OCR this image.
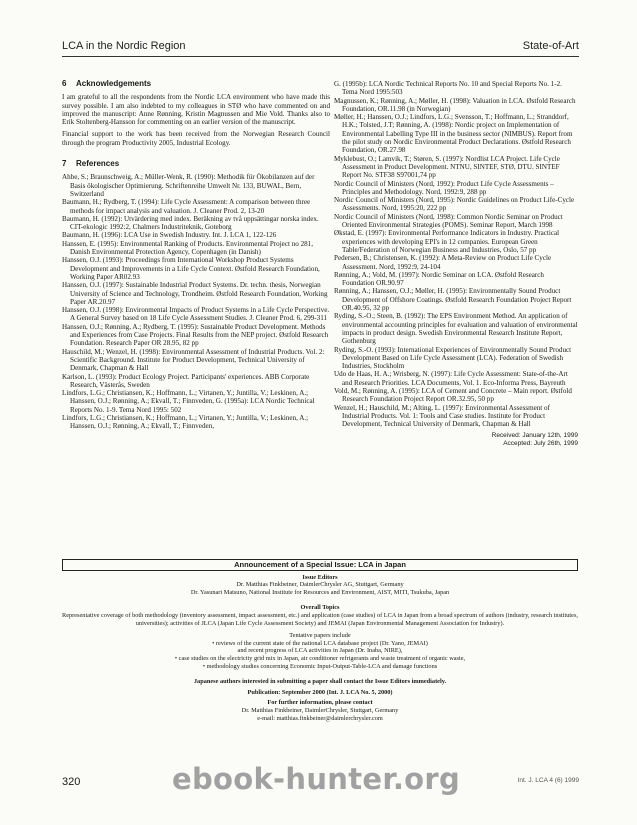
LCA in the Nordic Region	State-of-Art
6 Acknowledgements

I am grateful to all the respondents from the Nordic LCA environment who have made this survey possible. I am also indebted to my colleagues in STØ who have commented on and improved the manuscript: Anne Rønning, Kristin Magnussen and Mie Vold. Thanks also to Erik Stoltenberg-Hansson for commenting on an earlier version of the manuscript.

Financial support to the work has been received from the Norwegian Research Council through the program Productivity 2005, Industrial Ecology.

7 References
Ahbe, S.; Braunschweig, A.; Müller-Wenk, R. (1990): Methodik für Ökobilanzen auf der Basis ökologischer Optimierung. Schriftenreihe Umwelt Nr. 133, BUWAL, Bern, Switzerland
Baumann, H.; Rydberg, T. (1994): Life Cycle Assessment: A comparison between three methods for impact analysis and valuation. J. Cleaner Prod. 2, 13-20
Baumann, H. (1992): Utvärdering med index. Beräkning av två uppsättingar norska index. CIT-ekologic 1992:2, Chalmers Industriteknik, Goteborg
Baumann, H. (1996): LCA Use in Swedish Industry. Int. J. LCA 1, 122-126
Hanssen, E. (1995): Environmental Ranking of Products. Environmental Project no 281, Danish Environmental Protection Agency, Copenhagen (in Danish)
Hanssen, O.J. (1993): Proceedings from International Workshop Product Systems Development and Improvements in a Life Cycle Context. Østfold Research Foundation, Working Paper AR02.93
Hanssen, O.J. (1997): Sustainable Industrial Product Systems. Dr. techn. thesis, Norwegian University of Science and Technology, Trondheim. Østfold Research Foundation, Working Paper AR.20.97
Hanssen, O.J. (1998): Environmental Impacts of Product Systems in a Life Cycle Perspective. A General Survey based on 18 Life Cycle Assessment Studies. J. Cleaner Prod. 6, 299-311
Hanssen, O.J.; Rønning, A.; Rydberg, T. (1995): Sustainable Product Development. Methods and Experiences from Case Projects. Final Results from the NEP project. Østfold Research Foundation. Research Paper OR 28.95, 82 pp
Hauschild, M.; Wenzel, H. (1998): Environmental Assessment of Industrial Products. Vol. 2: Scientific Background. Institute for Product Development, Technical University of Denmark, Chapman & Hall
Karlson, L. (1993): Product Ecology Project. Participants' experiences. ABB Corporate Research, Västerås, Sweden
Lindfors, L.G.; Christiansen, K.; Hoffmann, L.; Virtanen, Y.; Juntilla, V.; Leskinen, A.; Hanssen, O.J.; Rønning, A.; Ekvall, T.; Finnveden, G. (1995a): LCA Nordic Technical Reports No. 1-9. Tema Nord 1995: 502
Lindfors, L.G.; Christiansen, K.; Hoffmann, L.; Virtanen, Y.; Juntilla, V.; Leskinen, A.; Hanssen, O.J.; Rønning, A.; Ekvall, T.; Finnveden,
G. (1995b): LCA Nordic Technical Reports No. 10 and Special Reports No. 1-2. Tema Nord 1995:503
Magnussen, K.; Rønning, A.; Møller, H. (1998): Valuation in LCA. Østfold Research Foundation, OR.11.98 (in Norwegian)
Møller, H.; Hanssen, O.J.; Lindfors, L.G.; Svensson, T.; Hoffmann, L.; Stranddorf, H.K.; Tolsted, J.T; Rønning, A. (1998): Nordic project on Implementation of Environmental Labelling Type III in the business sector (NIMBUS). Report from the pilot study on Nordic Environmental Product Declarations. Østfold Research Foundation, OR.27.98
Myklebust, O.; Lamvik, T.; Støren, S. (1997): Nordlist LCA Project. Life Cycle Assessment in Product Development. NTNU, SINTEF, STØ, DTU. SINTEF Report No. STF38 S97001,74 pp
Nordic Council of Ministers (Nord, 1992): Product Life Cycle Assessments – Principles and Methodology. Nord, 1992:9, 288 pp
Nordic Council of Ministers (Nord, 1995): Nordic Guidelines on Product Life-Cycle Assessments. Nord, 1995:20, 222 pp
Nordic Council of Ministers (Nord, 1998): Common Nordic Seminar on Product Oriented Environmental Strategies (POMS). Seminar Report, March 1998
Økstad, E. (1997): Environmental Performance Indicators in Industry. Practical experiences with developing EPI's in 12 companies. European Green Table/Federation of Norwegian Business and Industries, Oslo, 57 pp
Pedersen, B.; Christensen, K. (1992): A Meta-Review on Product Life Cycle Assessment. Nord, 1992:9, 24-104
Rønning, A.; Vold, M. (1997): Nordic Seminar on LCA. Østfold Research Foundation OR.90.97
Rønning, A.; Hanssen, O.J.; Møller, H. (1995): Environmentally Sound Product Development of Offshore Coatings. Østfold Research Foundation Project Report OR.40.95, 32 pp
Ryding, S.-O.; Steen, B. (1992): The EPS Environment Method. An application of environmental accounting principles for evaluation and valuation of environmental impacts in product design. Swedish Environmental Research Institute Report, Gothenburg
Ryding, S.-O. (1993): International Experiences of Environmentally Sound Product Development Based on Life Cycle Assessment (LCA). Federation of Swedish Industries, Stockholm
Udo de Haas, H. A.; Wrisberg, N. (1997): Life Cycle Assessment: State-of-the-Art and Research Priorities. LCA Documents, Vol. 1. Eco-Informa Press, Bayreuth
Vold, M.; Rønning, A. (1995): LCA of Cement and Concrete – Main report. Østfold Research Foundation Project Report OR.32.95, 50 pp
Wenzel, H.; Hauschild, M.; Alting, L. (1997): Environmental Assessment of Industrial Products. Vol. 1: Tools and Case studies. Institute for Product Development, Technical University of Denmark, Chapman & Hall
Received: January 12th, 1999
Accepted: July 26th, 1999
Announcement of a Special Issue: LCA in Japan
Issue Editors
Dr. Matthias Finkbeiner, DaimlerChrysler AG, Stuttgart, Germany
Dr. Yasunari Matsuno, National Institute for Resources and Environment, AIST, MITI, Tsukuba, Japan
Overall Topics
Representative coverage of both methodology (inventory assessment, impact assessment, etc.) and application (case studies) of LCA in Japan from a broad spectrum of authors (industry, research institutes, universities); activities of JLCA (Japan Life Cycle Assessment Society) and JEMAI (Japan Environmental Management Association for Industry).
Tentative papers include
• reviews of the current state of the national LCA database project (Dr. Yano, JEMAI)
and recent progress of LCA activities in Japan (Dr. Inaba, NIRE),
• case studies on the electricity grid mix in Japan, air conditioner refrigerants and waste treatment of organic waste,
• methodology studies concerning Economic Input-Output-Table-LCA and damage functions
Japanese authors interested in submitting a paper shall contact the Issue Editors immediately.
Publication: September 2000 (Int. J. LCA No. 5, 2000)
For further information, please contact
Dr. Matthias Finkbeiner, DaimlerChrysler, Stuttgart, Germany
e-mail: matthias.finkbeiner@daimlerchrysler.com
320	Int. J. LCA 4 (6) 1999
ebook-hunter.org
